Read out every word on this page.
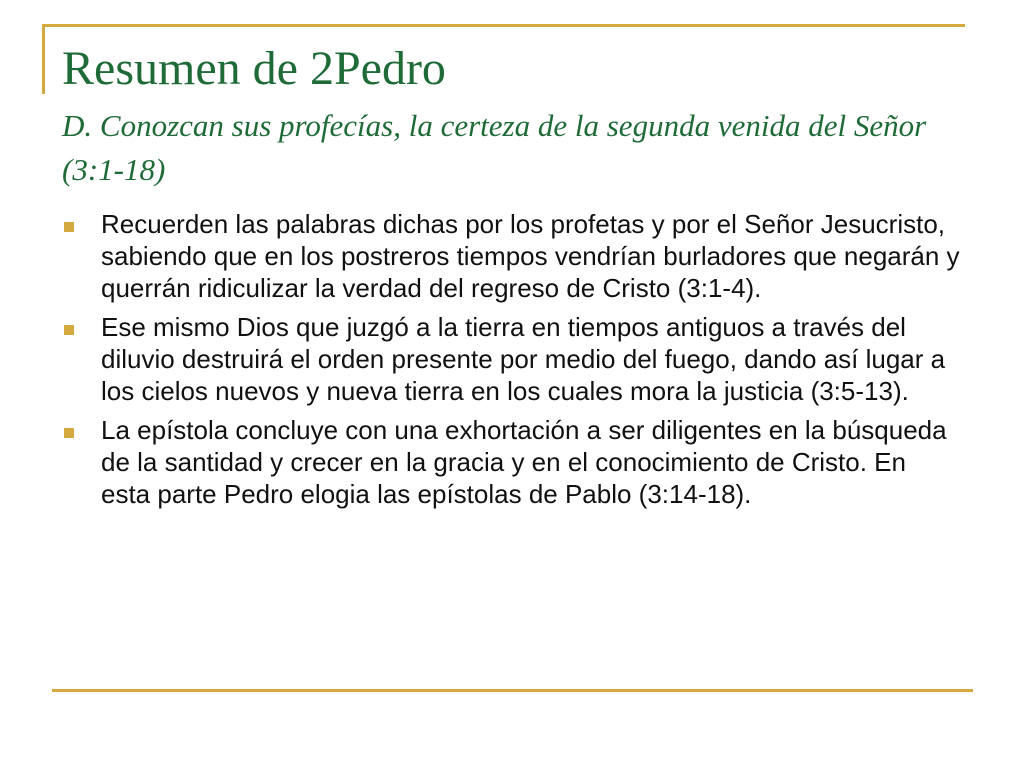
Resumen de 2Pedro
D. Conozcan sus profecías, la certeza de la segunda venida del Señor (3:1-18)
Recuerden las palabras dichas por los profetas y por el Señor Jesucristo, sabiendo que en los postreros tiempos vendrían burladores que negarán y querrán ridiculizar la verdad del regreso de Cristo (3:1-4).
Ese mismo Dios que juzgó a la tierra en tiempos antiguos a través del diluvio destruirá el orden presente por medio del fuego, dando así lugar a los cielos nuevos y nueva tierra en los cuales mora la justicia (3:5-13).
La epístola concluye con una exhortación a ser diligentes en la búsqueda de la santidad y crecer en la gracia y en el conocimiento de Cristo. En esta parte Pedro elogia las epístolas de Pablo (3:14-18).
